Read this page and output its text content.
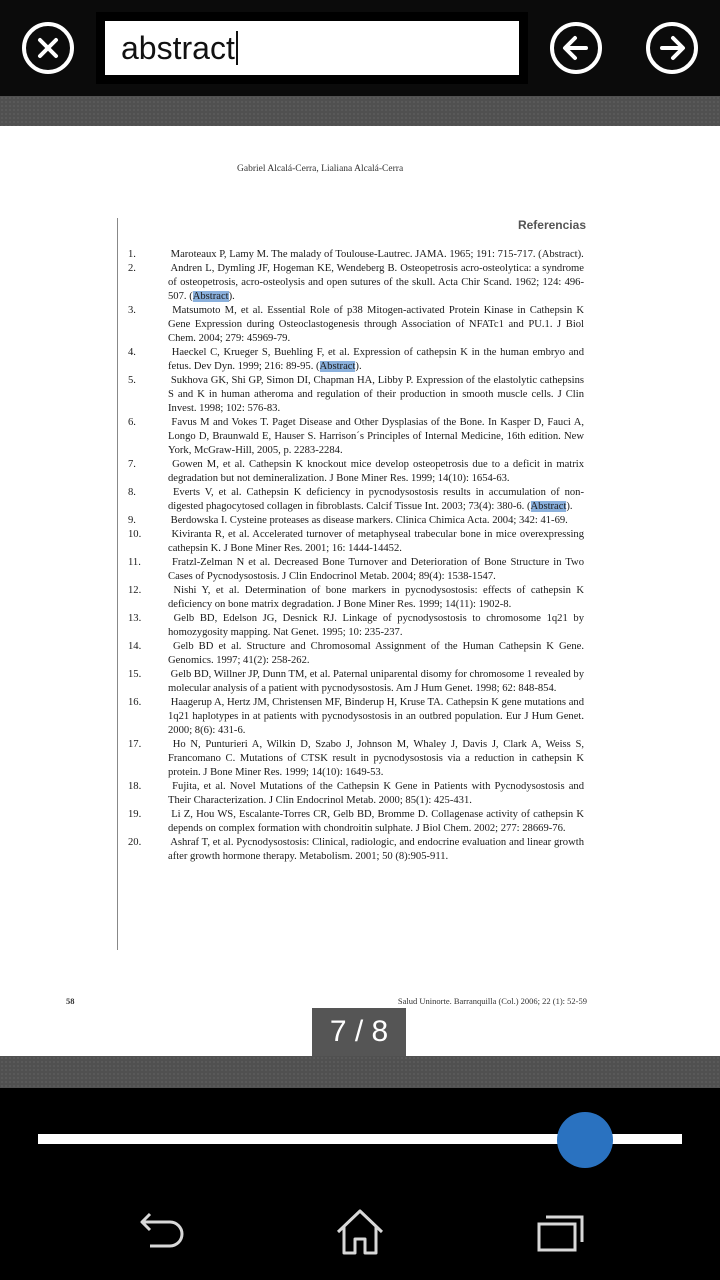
abstract
Gabriel Alcalá-Cerra, Lialiana Alcalá-Cerra
Referencias
1.	Maroteaux P, Lamy M. The malady of Toulouse-Lautrec. JAMA. 1965; 191: 715-717. (Abstract).
2.	Andren L, Dymling JF, Hogeman KE, Wendeberg B. Osteopetrosis acro-osteolytica: a syndrome of osteopetrosis, acro-osteolysis and open sutures of the skull. Acta Chir Scand. 1962; 124: 496-507. (Abstract).
3.	Matsumoto M, et al. Essential Role of p38 Mitogen-activated Protein Kinase in Cathepsin K Gene Expression during Osteoclastogenesis through Association of NFATc1 and PU.1. J Biol Chem. 2004; 279: 45969-79.
4.	Haeckel C, Krueger S, Buehling F, et al. Expression of cathepsin K in the human embryo and fetus. Dev Dyn. 1999; 216: 89-95. (Abstract).
5.	Sukhova GK, Shi GP, Simon DI, Chapman HA, Libby P. Expression of the elastolytic cathepsins S and K in human atheroma and regulation of their production in smooth muscle cells. J Clin Invest. 1998; 102: 576-83.
6.	Favus M and Vokes T. Paget Disease and Other Dysplasias of the Bone. In Kasper D, Fauci A, Longo D, Braunwald E, Hauser S. Harrison´s Principles of Internal Medicine, 16th edition. New York, McGraw-Hill, 2005, p. 2283-2284.
7.	Gowen M, et al. Cathepsin K knockout mice develop osteopetrosis due to a deficit in matrix degradation but not demineralization. J Bone Miner Res. 1999; 14(10): 1654-63.
8.	Everts V, et al. Cathepsin K deficiency in pycnodysostosis results in accumulation of non-digested phagocytosed collagen in fibroblasts. Calcif Tissue Int. 2003; 73(4): 380-6. (Abstract).
9.	Berdowska I. Cysteine proteases as disease markers. Clinica Chimica Acta. 2004; 342: 41-69.
10.	Kiviranta R, et al. Accelerated turnover of metaphyseal trabecular bone in mice overexpressing cathepsin K. J Bone Miner Res. 2001; 16: 1444-14452.
11.	Fratzl-Zelman N et al. Decreased Bone Turnover and Deterioration of Bone Structure in Two Cases of Pycnodysostosis. J Clin Endocrinol Metab. 2004; 89(4): 1538-1547.
12.	Nishi Y, et al. Determination of bone markers in pycnodysostosis: effects of cathepsin K deficiency on bone matrix degradation. J Bone Miner Res. 1999; 14(11): 1902-8.
13.	Gelb BD, Edelson JG, Desnick RJ. Linkage of pycnodysostosis to chromosome 1q21 by homozygosity mapping. Nat Genet. 1995; 10: 235-237.
14.	Gelb BD et al. Structure and Chromosomal Assignment of the Human Cathepsin K Gene. Genomics. 1997; 41(2): 258-262.
15.	Gelb BD, Willner JP, Dunn TM, et al. Paternal uniparental disomy for chromosome 1 revealed by molecular analysis of a patient with pycnodysostosis. Am J Hum Genet. 1998; 62: 848-854.
16.	Haagerup A, Hertz JM, Christensen MF, Binderup H, Kruse TA. Cathepsin K gene mutations and 1q21 haplotypes in at patients with pycnodysostosis in an outbred population. Eur J Hum Genet. 2000; 8(6): 431-6.
17.	Ho N, Punturieri A, Wilkin D, Szabo J, Johnson M, Whaley J, Davis J, Clark A, Weiss S, Francomano C. Mutations of CTSK result in pycnodysostosis via a reduction in cathepsin K protein. J Bone Miner Res. 1999; 14(10): 1649-53.
18.	Fujita, et al. Novel Mutations of the Cathepsin K Gene in Patients with Pycnodysostosis and Their Characterization. J Clin Endocrinol Metab. 2000; 85(1): 425-431.
19.	Li Z, Hou WS, Escalante-Torres CR, Gelb BD, Bromme D. Collagenase activity of cathepsin K depends on complex formation with chondroitin sulphate. J Biol Chem. 2002; 277: 28669-76.
20.	Ashraf T, et al. Pycnodysostosis: Clinical, radiologic, and endocrine evaluation and linear growth after growth hormone therapy. Metabolism. 2001; 50 (8):905-911.
58	Salud Uninorte. Barranquilla (Col.) 2006; 22 (1): 52-59
7 / 8
